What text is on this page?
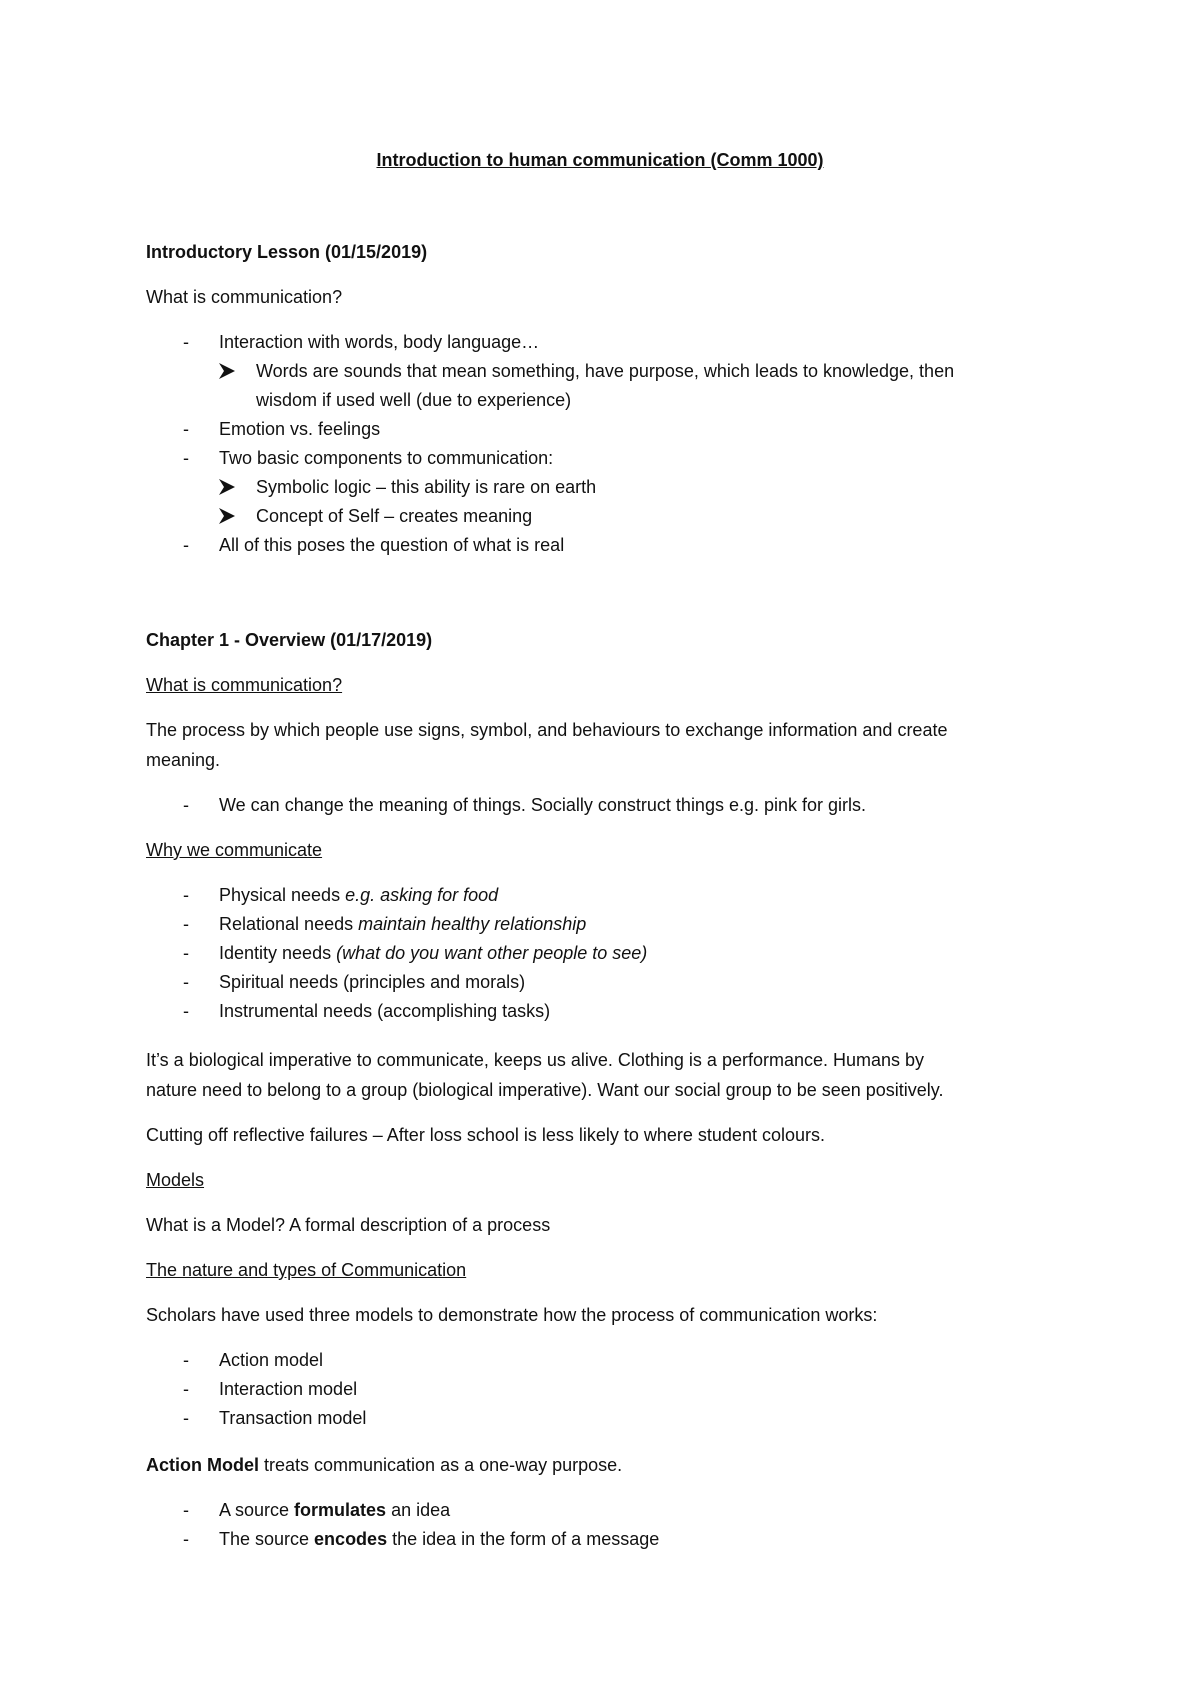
Introduction to human communication (Comm 1000)
Introductory Lesson (01/15/2019)
What is communication?
- Interaction with words, body language…
Words are sounds that mean something, have purpose, which leads to knowledge, then
wisdom if used well (due to experience)
- Emotion vs. feelings
- Two basic components to communication:
Symbolic logic – this ability is rare on earth
Concept of Self – creates meaning
- All of this poses the question of what is real
Chapter 1 - Overview (01/17/2019)
What is communication?
The process by which people use signs, symbol, and behaviours to exchange information and create
meaning.
- We can change the meaning of things. Socially construct things e.g. pink for girls.
Why we communicate
- Physical needs e.g. asking for food
- Relational needs maintain healthy relationship
- Identity needs (what do you want other people to see)
- Spiritual needs (principles and morals)
- Instrumental needs (accomplishing tasks)
It’s a biological imperative to communicate, keeps us alive. Clothing is a performance. Humans by
nature need to belong to a group (biological imperative). Want our social group to be seen positively.
Cutting off reflective failures – After loss school is less likely to where student colours.
Models
What is a Model? A formal description of a process
The nature and types of Communication
Scholars have used three models to demonstrate how the process of communication works:
- Action model
- Interaction model
- Transaction model
Action Model treats communication as a one-way purpose.
- A source formulates an idea
- The source encodes the idea in the form of a message
